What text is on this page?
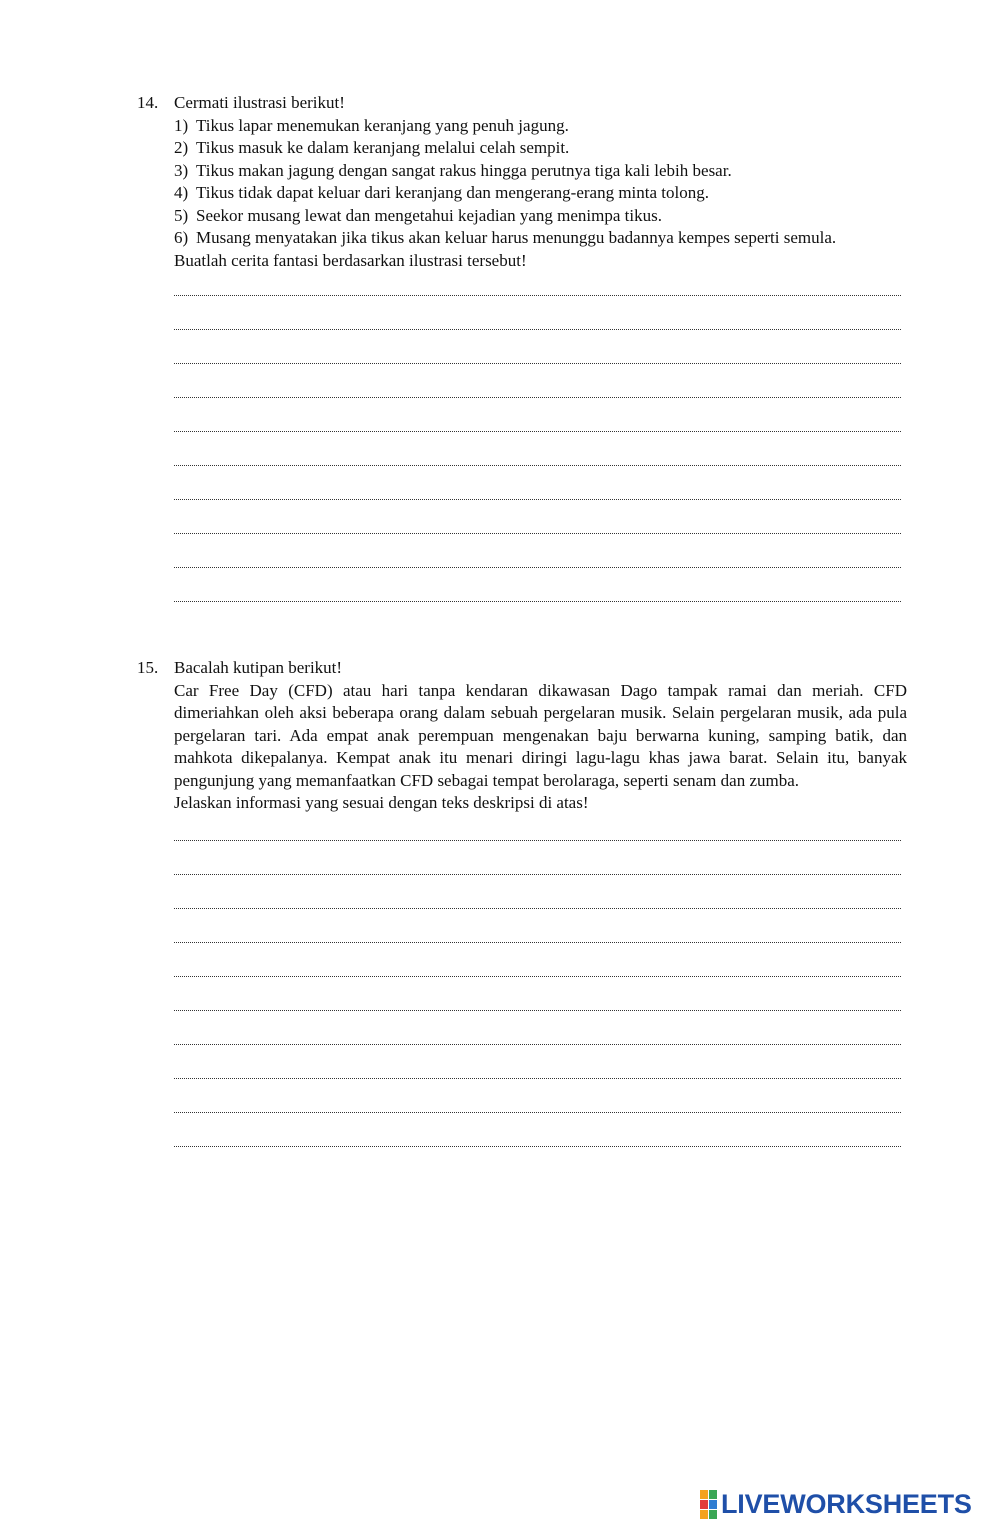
14. Cermati ilustrasi berikut!
1) Tikus lapar menemukan keranjang yang penuh jagung.
2) Tikus masuk ke dalam keranjang melalui celah sempit.
3) Tikus makan jagung dengan sangat rakus hingga perutnya tiga kali lebih besar.
4) Tikus tidak dapat keluar dari keranjang dan mengerang-erang minta tolong.
5) Seekor musang lewat dan mengetahui kejadian yang menimpa tikus.
6) Musang menyatakan jika tikus akan keluar harus menunggu badannya kempes seperti semula.
Buatlah cerita fantasi berdasarkan ilustrasi tersebut!
15. Bacalah kutipan berikut!
Car Free Day (CFD) atau hari tanpa kendaran dikawasan Dago tampak ramai dan meriah. CFD dimeriahkan oleh aksi beberapa orang dalam sebuah pergelaran musik. Selain pergelaran musik, ada pula pergelaran tari. Ada empat anak perempuan mengenakan baju berwarna kuning, samping batik, dan mahkota dikepalanya. Kempat anak itu menari diringi lagu-lagu khas jawa barat. Selain itu, banyak pengunjung yang memanfaatkan CFD sebagai tempat berolaraga, seperti senam dan zumba.
Jelaskan informasi yang sesuai dengan teks deskripsi di atas!
LIVEWORKSHEETS
